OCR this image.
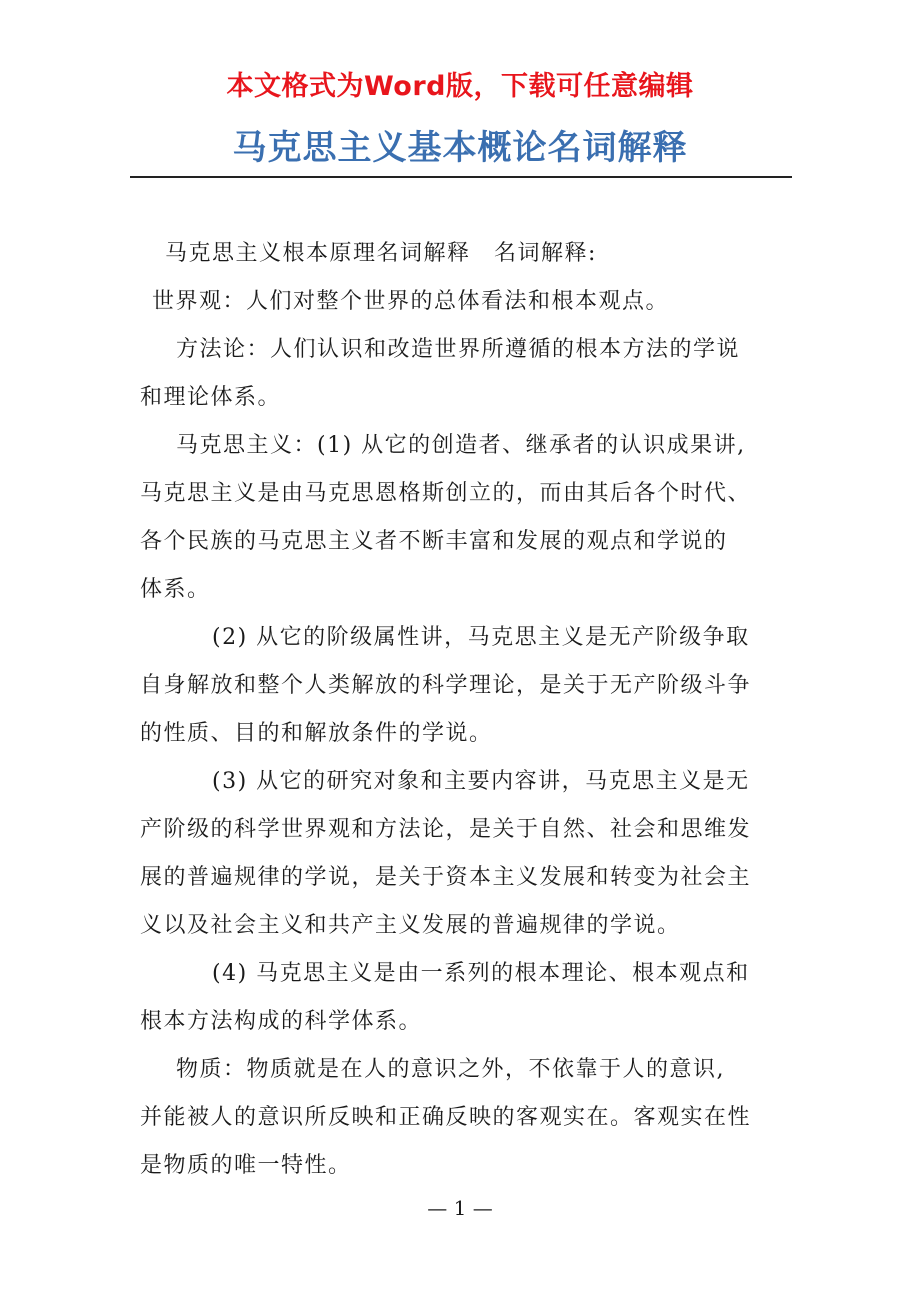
本文格式为Word版，下载可任意编辑
马克思主义基本概论名词解释

马克思主义根本原理名词解释　名词解释:

世界观：人们对整个世界的总体看法和根本观点。

方法论：人们认识和改造世界所遵循的根本方法的学说

和理论体系。

马克思主义：(1) 从它的创造者、继承者的认识成果讲,

马克思主义是由马克思恩格斯创立的，而由其后各个时代、

各个民族的马克思主义者不断丰富和发展的观点和学说的

体系。

(2) 从它的阶级属性讲，马克思主义是无产阶级争取

自身解放和整个人类解放的科学理论，是关于无产阶级斗争

的性质、目的和解放条件的学说。

(3) 从它的研究对象和主要内容讲，马克思主义是无

产阶级的科学世界观和方法论，是关于自然、社会和思维发

展的普遍规律的学说，是关于资本主义发展和转变为社会主

义以及社会主义和共产主义发展的普遍规律的学说。

(4) 马克思主义是由一系列的根本理论、根本观点和

根本方法构成的科学体系。

物质：物质就是在人的意识之外，不依靠于人的意识,

并能被人的意识所反映和正确反映的客观实在。客观实在性

是物质的唯一特性。

— 1 —
